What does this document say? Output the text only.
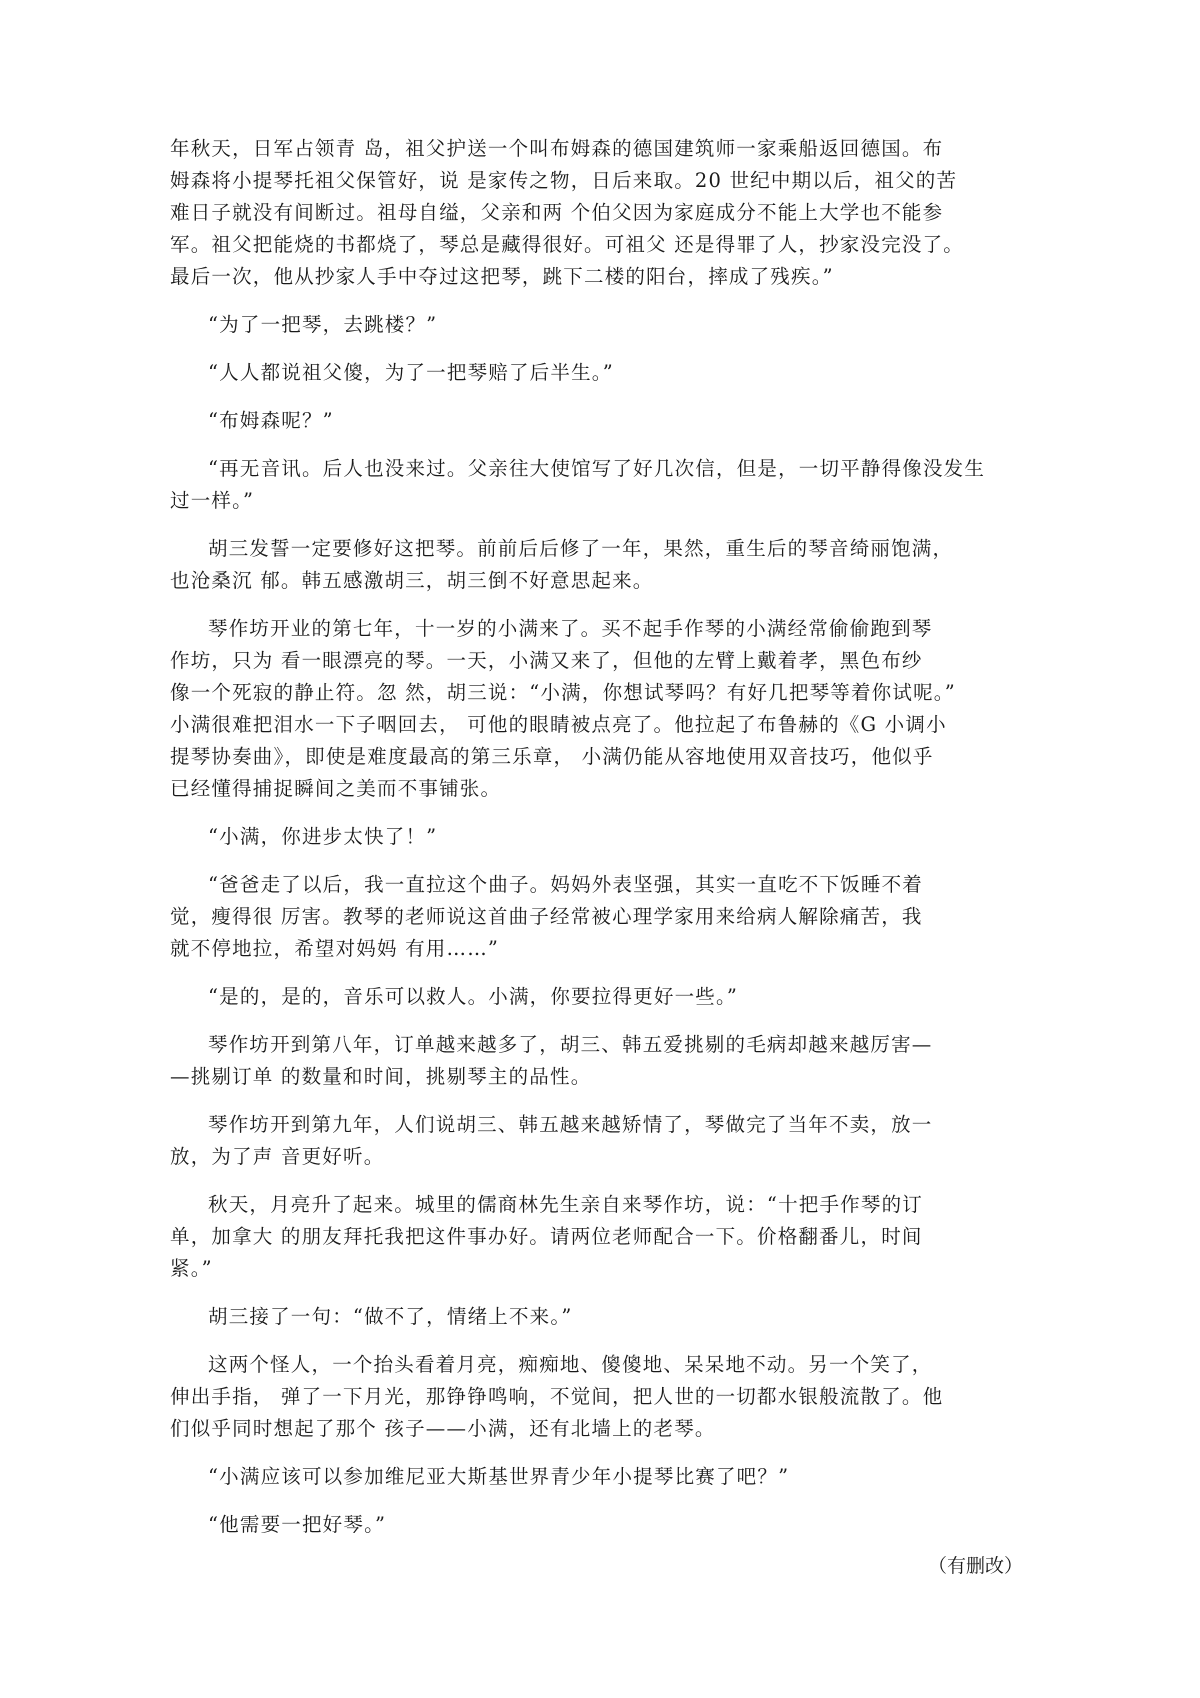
年秋天，日军占领青 岛，祖父护送一个叫布姆森的德国建筑师一家乘船返回德国。布

姆森将小提琴托祖父保管好，说 是家传之物，日后来取。20 世纪中期以后，祖父的苦

难日子就没有间断过。祖母自缢，父亲和两 个伯父因为家庭成分不能上大学也不能参

军。祖父把能烧的书都烧了，琴总是藏得很好。可祖父 还是得罪了人，抄家没完没了。

最后一次，他从抄家人手中夺过这把琴，跳下二楼的阳台，摔成了残疾。”

“为了一把琴，去跳楼？”

“人人都说祖父傻，为了一把琴赔了后半生。”

“布姆森呢？”

“再无音讯。后人也没来过。父亲往大使馆写了好几次信，但是，一切平静得像没发生

过一样。”

胡三发誓一定要修好这把琴。前前后后修了一年，果然，重生后的琴音绮丽饱满，

也沧桑沉 郁。韩五感激胡三，胡三倒不好意思起来。

琴作坊开业的第七年，十一岁的小满来了。买不起手作琴的小满经常偷偷跑到琴

作坊，只为 看一眼漂亮的琴。一天，小满又来了，但他的左臂上戴着孝，黑色布纱

像一个死寂的静止符。忽 然，胡三说：“小满，你想试琴吗？有好几把琴等着你试呢。”

小满很难把泪水一下子咽回去， 可他的眼睛被点亮了。他拉起了布鲁赫的《G 小调小

提琴协奏曲》，即使是难度最高的第三乐章， 小满仍能从容地使用双音技巧，他似乎

已经懂得捕捉瞬间之美而不事铺张。

“小满，你进步太快了！”

“爸爸走了以后，我一直拉这个曲子。妈妈外表坚强，其实一直吃不下饭睡不着

觉，瘦得很 厉害。教琴的老师说这首曲子经常被心理学家用来给病人解除痛苦，我

就不停地拉，希望对妈妈 有用……”

“是的，是的，音乐可以救人。小满，你要拉得更好一些。”

琴作坊开到第八年，订单越来越多了，胡三、韩五爱挑剔的毛病却越来越厉害—

—挑剔订单 的数量和时间，挑剔琴主的品性。

琴作坊开到第九年，人们说胡三、韩五越来越矫情了，琴做完了当年不卖，放一

放，为了声 音更好听。

秋天，月亮升了起来。城里的儒商林先生亲自来琴作坊，说：“十把手作琴的订

单，加拿大 的朋友拜托我把这件事办好。请两位老师配合一下。价格翻番儿，时间

紧。”

胡三接了一句：“做不了，情绪上不来。”

这两个怪人，一个抬头看着月亮，痴痴地、傻傻地、呆呆地不动。另一个笑了，

伸出手指， 弹了一下月光，那铮铮鸣响，不觉间，把人世的一切都水银般流散了。他

们似乎同时想起了那个 孩子——小满，还有北墙上的老琴。

“小满应该可以参加维尼亚大斯基世界青少年小提琴比赛了吧？”

“他需要一把好琴。”

（有删改）
